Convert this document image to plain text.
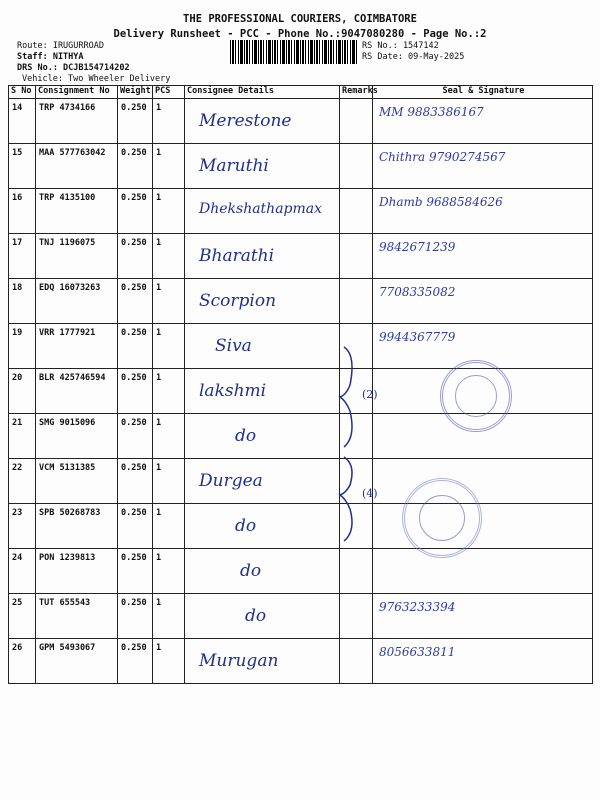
THE PROFESSIONAL COURIERS, COIMBATORE
Delivery Runsheet - PCC - Phone No.:9047080280 - Page No.:2
Route: IRUGURROAD
Staff: NITHYA
DRS No.: DCJB154714202
Vehicle: Two Wheeler Delivery
RS No.: 1547142
RS Date: 09-May-2025
S No	Consignment No	Weight	PCS	Consignee Details	Remarks	Seal & Signature
14	TRP 4734166	0.250	1	Merestone		MM 9883386167

15	MAA 577763042	0.250	1	Maruthi		Chithra 9790274567

16	TRP 4135100	0.250	1	Dhekshathapmax		Dhamb 9688584626

17	TNJ 1196075	0.250	1	Bharathi		9842671239

18	EDQ 16073263	0.250	1	Scorpion		7708335082

19	VRR 1777921	0.250	1	Siva		9944367779

20	BLR 425746594	0.250	1	lakshmi		

21	SMG 9015096	0.250	1	do		

22	VCM 5131385	0.250	1	Durgea		

23	SPB 50268783	0.250	1	do		

24	PON 1239813	0.250	1	do		

25	TUT 655543	0.250	1	do		9763233394

26	GPM 5493067	0.250	1	Murugan		8056633811
(2)
(4)
